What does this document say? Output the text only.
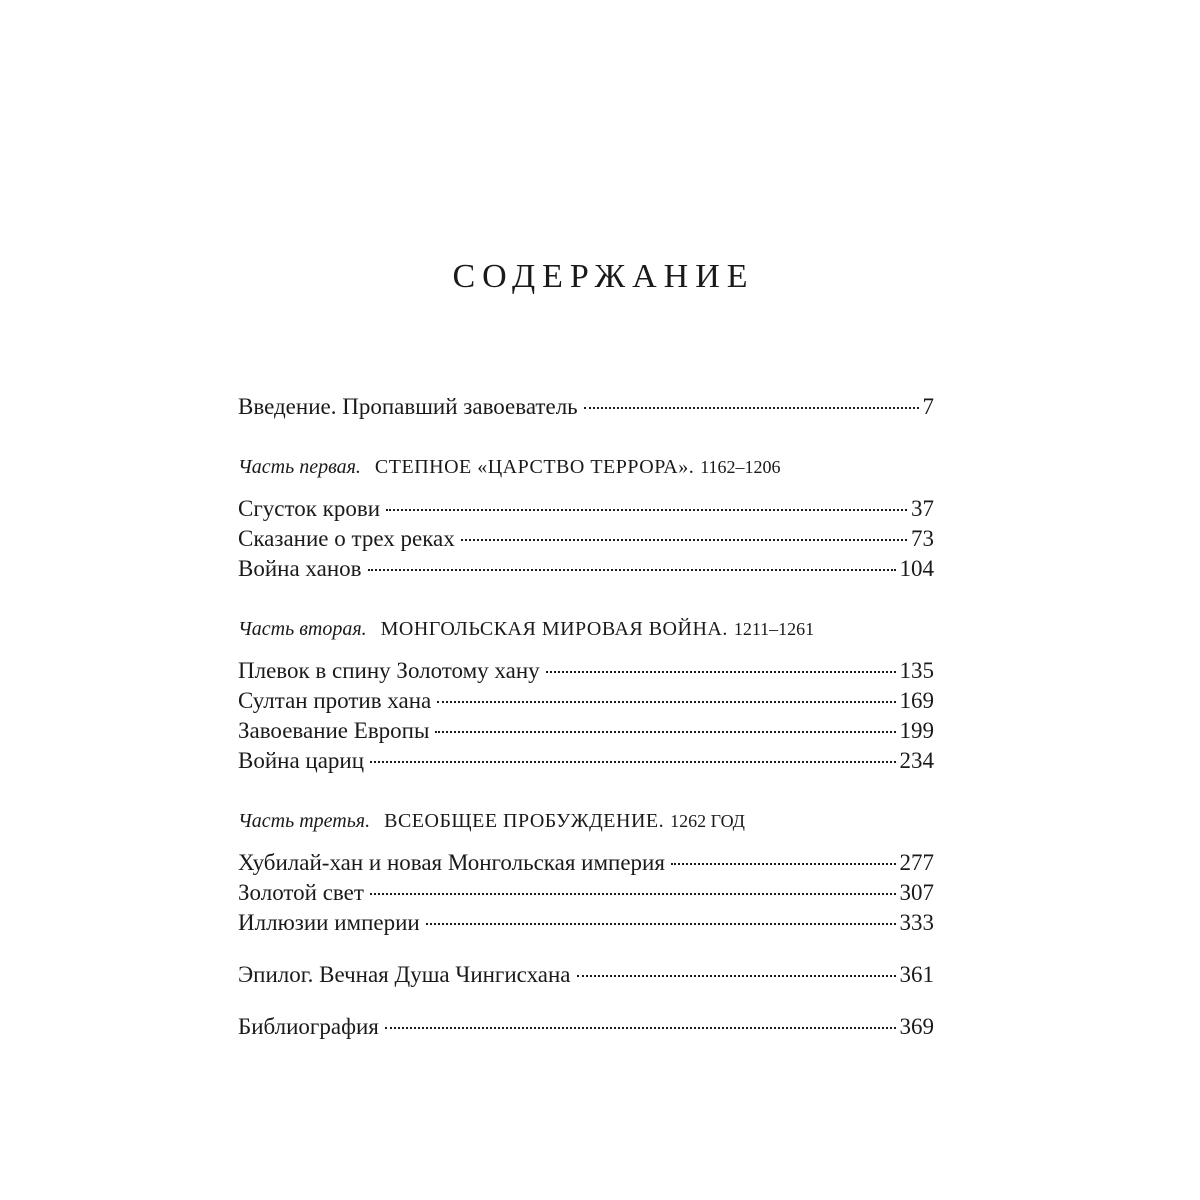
СОДЕРЖАНИЕ
Введение. Пропавший завоеватель	7
Часть первая. СТЕПНОЕ «ЦАРСТВО ТЕРРОРА». 1162–1206
Сгусток крови	37
Сказание о трех реках	73
Война ханов	104
Часть вторая. МОНГОЛЬСКАЯ МИРОВАЯ ВОЙНА. 1211–1261
Плевок в спину Золотому хану	135
Султан против хана	169
Завоевание Европы	199
Война цариц	234
Часть третья. ВСЕОБЩЕЕ ПРОБУЖДЕНИЕ. 1262 ГОД
Хубилай-хан и новая Монгольская империя	277
Золотой свет	307
Иллюзии империи	333
Эпилог. Вечная Душа Чингисхана	361
Библиография	369
